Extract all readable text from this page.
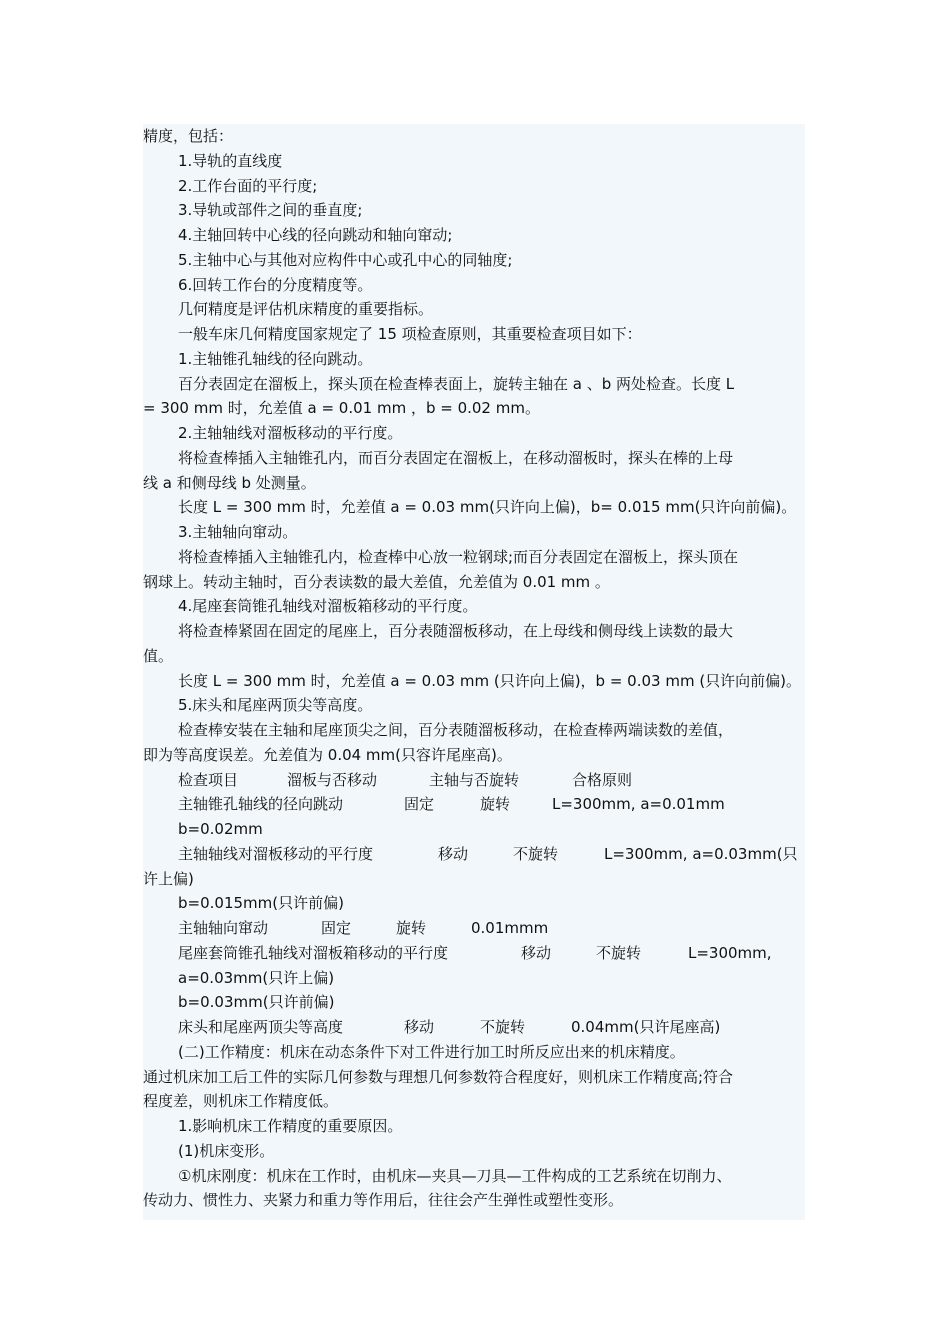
精度，包括：
1.导轨的直线度
2.工作台面的平行度;
3.导轨或部件之间的垂直度;
4.主轴回转中心线的径向跳动和轴向窜动;
5.主轴中心与其他对应构件中心或孔中心的同轴度;
6.回转工作台的分度精度等。
几何精度是评估机床精度的重要指标。
一般车床几何精度国家规定了 15 项检查原则，其重要检查项目如下：
1.主轴锥孔轴线的径向跳动。
百分表固定在溜板上，探头顶在检查棒表面上，旋转主轴在 a 、b 两处检查。长度 L
= 300 mm 时，允差值 a = 0.01 mm ，b = 0.02 mm。
2.主轴轴线对溜板移动的平行度。
将检查棒插入主轴锥孔内，而百分表固定在溜板上，在移动溜板时，探头在棒的上母
线 a 和侧母线 b 处测量。
长度 L = 300 mm 时，允差值 a = 0.03 mm(只许向上偏)，b= 0.015 mm(只许向前偏)。
3.主轴轴向窜动。
将检查棒插入主轴锥孔内，检查棒中心放一粒钢球;而百分表固定在溜板上，探头顶在
钢球上。转动主轴时，百分表读数的最大差值，允差值为 0.01 mm 。
4.尾座套筒锥孔轴线对溜板箱移动的平行度。
将检查棒紧固在固定的尾座上，百分表随溜板移动，在上母线和侧母线上读数的最大
值。
长度 L = 300 mm 时，允差值 a = 0.03 mm (只许向上偏)，b = 0.03 mm (只许向前偏)。
5.床头和尾座两顶尖等高度。
检查棒安装在主轴和尾座顶尖之间，百分表随溜板移动，在检查棒两端读数的差值，
即为等高度误差。允差值为 0.04 mm(只容许尾座高)。
检查项目	溜板与否移动	主轴与否旋转	合格原则
主轴锥孔轴线的径向跳动	固定	旋转	L=300mm, a=0.01mm
b=0.02mm
主轴轴线对溜板移动的平行度	移动	不旋转	L=300mm, a=0.03mm(只
许上偏)
b=0.015mm(只许前偏)
主轴轴向窜动	固定	旋转	0.01mmm
尾座套筒锥孔轴线对溜板箱移动的平行度	移动	不旋转	L=300mm,
a=0.03mm(只许上偏)
b=0.03mm(只许前偏)
床头和尾座两顶尖等高度	移动	不旋转	0.04mm(只许尾座高)
(二)工作精度：机床在动态条件下对工件进行加工时所反应出来的机床精度。
通过机床加工后工件的实际几何参数与理想几何参数符合程度好，则机床工作精度高;符合
程度差，则机床工作精度低。
1.影响机床工作精度的重要原因。
(1)机床变形。
①机床刚度：机床在工作时，由机床—夹具—刀具—工件构成的工艺系统在切削力、
传动力、惯性力、夹紧力和重力等作用后，往往会产生弹性或塑性变形。
